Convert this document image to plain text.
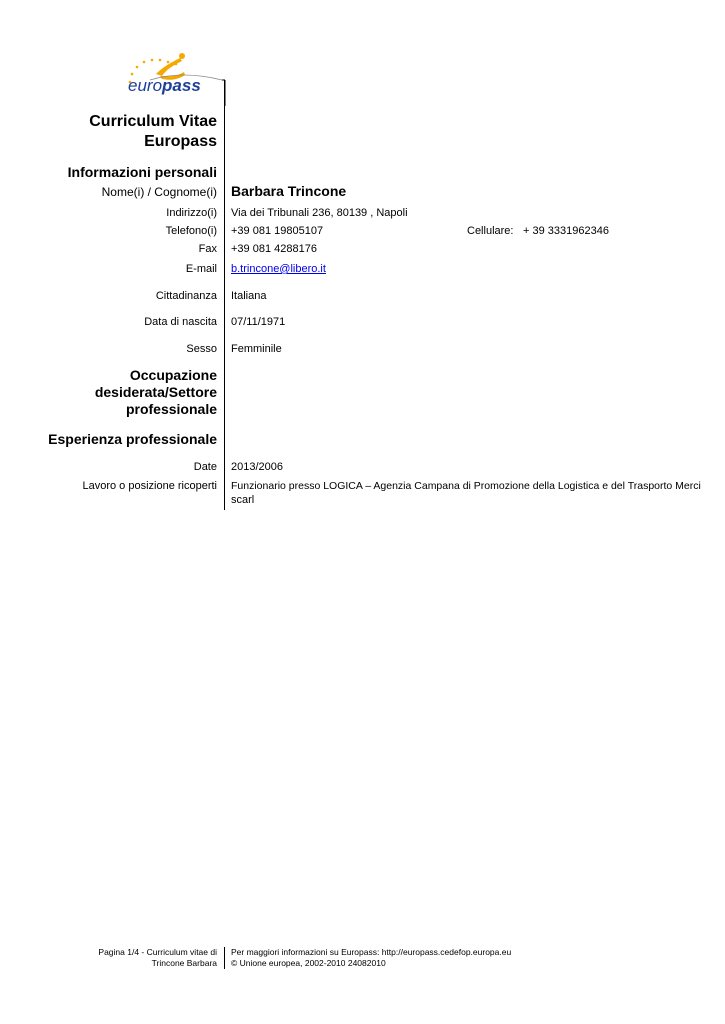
europass
Curriculum Vitae
Europass
Informazioni personali
Nome(i) / Cognome(i) Barbara Trincone
Indirizzo(i) Via dei Tribunali 236, 80139 , Napoli
Telefono(i) +39 081 19805107	Cellulare: + 39 3331962346
Fax +39 081 4288176
E-mail b.trincone@libero.it
Cittadinanza Italiana
Data di nascita 07/11/1971
Sesso Femminile
Occupazione
desiderata/Settore
professionale
Esperienza professionale
Date 2013/2006
Lavoro o posizione ricoperti Funzionario presso LOGICA – Agenzia Campana di Promozione della Logistica e del Trasporto Merci
scarl
Pagina 1/4 - Curriculum vitae di
Trincone Barbara
Per maggiori informazioni su Europass: http://europass.cedefop.europa.eu
© Unione europea, 2002-2010 24082010
